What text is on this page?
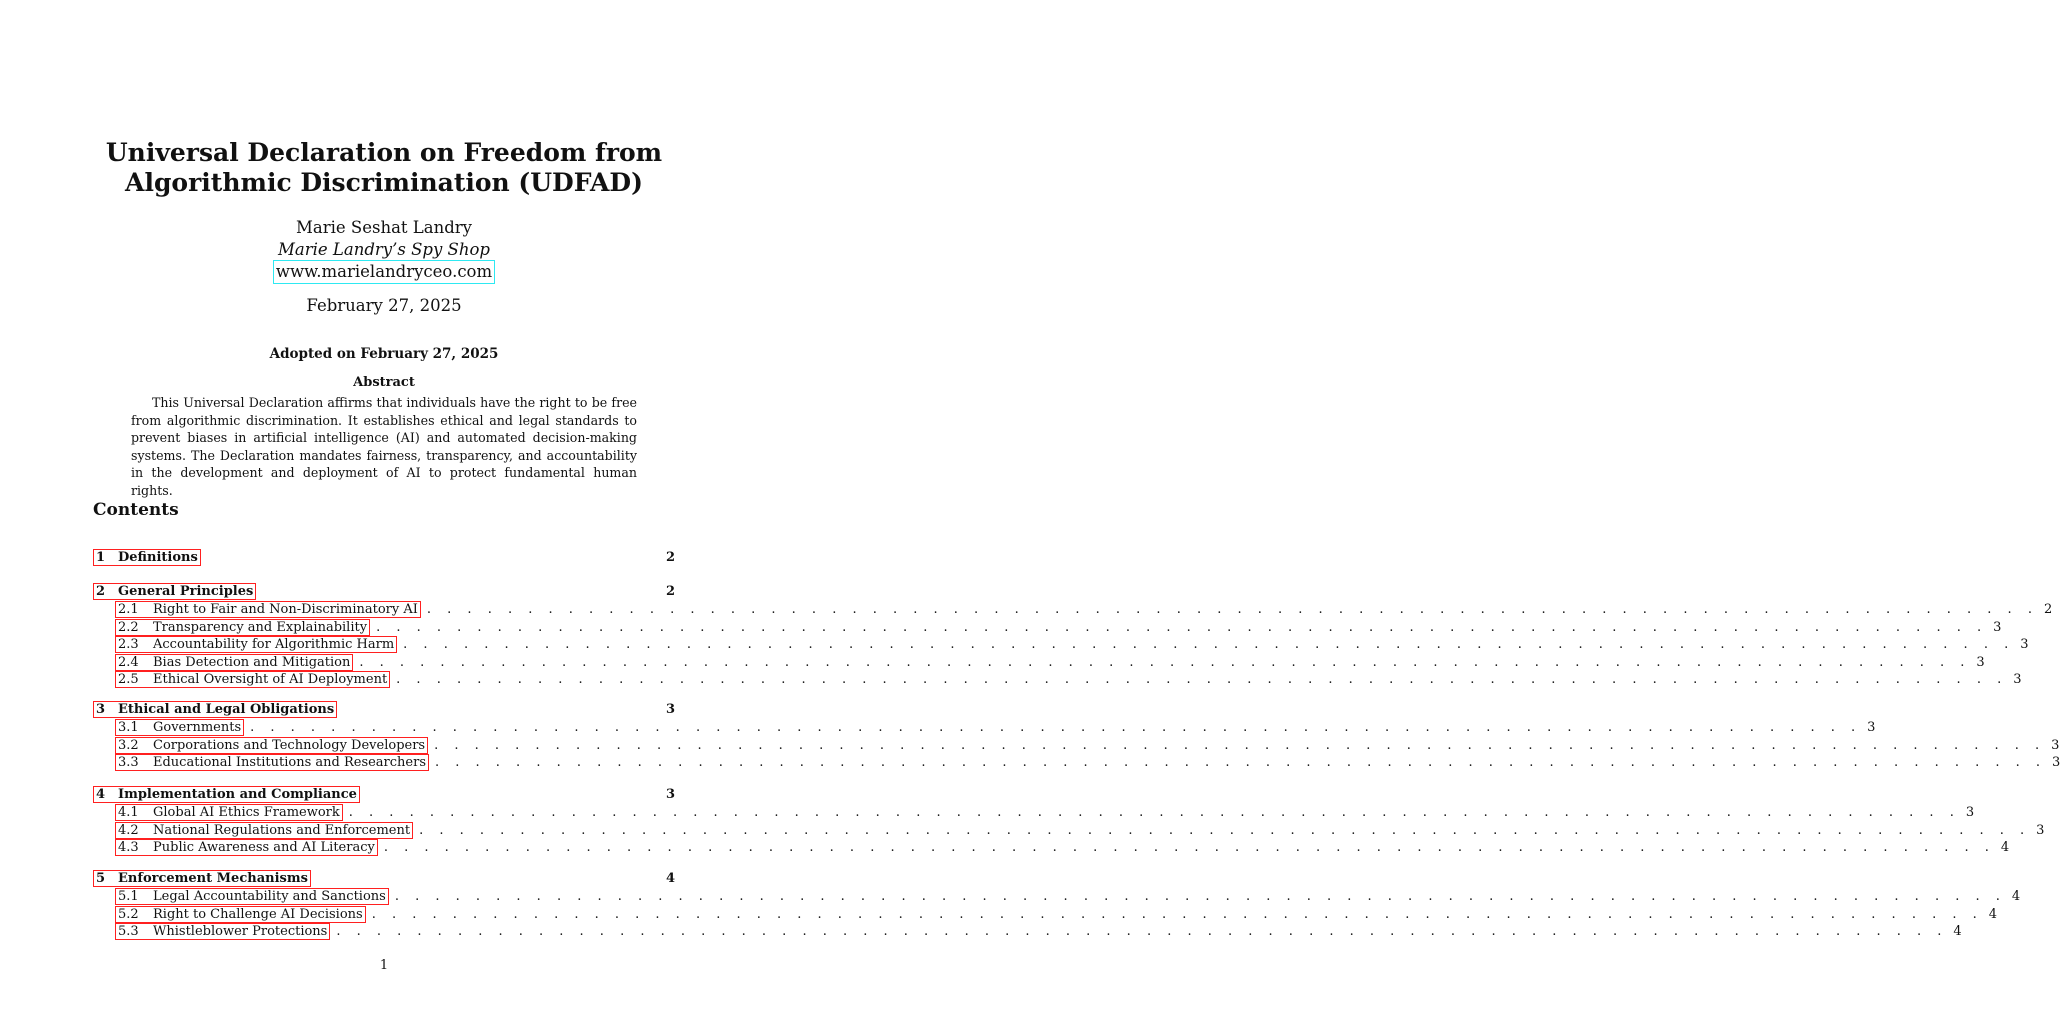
Universal Declaration on Freedom from
Algorithmic Discrimination (UDFAD)
Marie Seshat Landry
Marie Landry’s Spy Shop
www.marielandryceo.com
February 27, 2025
Adopted on February 27, 2025
Abstract
This Universal Declaration affirms that individuals have the right to be free from algorithmic discrimination. It establishes ethical and legal standards to prevent biases in artificial intelligence (AI) and automated decision-making systems. The Declaration mandates fairness, transparency, and accountability in the development and deployment of AI to protect fundamental human rights.
Contents
1 Definitions	2
2 General Principles	2
2.1	Right to Fair and Non-Discriminatory AI . . . . . . . . . . . . . . . . . . . . . . . . . . . . . . . . . . . . . . . . . . . . . . . . . . . . . . . . . . . . . . . . . . . . . . . . . . . . . . . . 2
2.2	Transparency and Explainability . . . . . . . . . . . . . . . . . . . . . . . . . . . . . . . . . . . . . . . . . . . . . . . . . . . . . . . . . . . . . . . . . . . . . . . . . . . . . . . . 3
2.3	Accountability for Algorithmic Harm . . . . . . . . . . . . . . . . . . . . . . . . . . . . . . . . . . . . . . . . . . . . . . . . . . . . . . . . . . . . . . . . . . . . . . . . . . . . . . . . 3
2.4	Bias Detection and Mitigation . . . . . . . . . . . . . . . . . . . . . . . . . . . . . . . . . . . . . . . . . . . . . . . . . . . . . . . . . . . . . . . . . . . . . . . . . . . . . . . . 3
2.5	Ethical Oversight of AI Deployment . . . . . . . . . . . . . . . . . . . . . . . . . . . . . . . . . . . . . . . . . . . . . . . . . . . . . . . . . . . . . . . . . . . . . . . . . . . . . . . . 3
3 Ethical and Legal Obligations	3
3.1	Governments . . . . . . . . . . . . . . . . . . . . . . . . . . . . . . . . . . . . . . . . . . . . . . . . . . . . . . . . . . . . . . . . . . . . . . . . . . . . . . . . 3
3.2	Corporations and Technology Developers . . . . . . . . . . . . . . . . . . . . . . . . . . . . . . . . . . . . . . . . . . . . . . . . . . . . . . . . . . . . . . . . . . . . . . . . . . . . . . . . 3
3.3	Educational Institutions and Researchers . . . . . . . . . . . . . . . . . . . . . . . . . . . . . . . . . . . . . . . . . . . . . . . . . . . . . . . . . . . . . . . . . . . . . . . . . . . . . . . . 3
4 Implementation and Compliance	3
4.1	Global AI Ethics Framework . . . . . . . . . . . . . . . . . . . . . . . . . . . . . . . . . . . . . . . . . . . . . . . . . . . . . . . . . . . . . . . . . . . . . . . . . . . . . . . . 3
4.2	National Regulations and Enforcement . . . . . . . . . . . . . . . . . . . . . . . . . . . . . . . . . . . . . . . . . . . . . . . . . . . . . . . . . . . . . . . . . . . . . . . . . . . . . . . . 3
4.3	Public Awareness and AI Literacy . . . . . . . . . . . . . . . . . . . . . . . . . . . . . . . . . . . . . . . . . . . . . . . . . . . . . . . . . . . . . . . . . . . . . . . . . . . . . . . . 4
5 Enforcement Mechanisms	4
5.1	Legal Accountability and Sanctions . . . . . . . . . . . . . . . . . . . . . . . . . . . . . . . . . . . . . . . . . . . . . . . . . . . . . . . . . . . . . . . . . . . . . . . . . . . . . . . . 4
5.2	Right to Challenge AI Decisions . . . . . . . . . . . . . . . . . . . . . . . . . . . . . . . . . . . . . . . . . . . . . . . . . . . . . . . . . . . . . . . . . . . . . . . . . . . . . . . . 4
5.3	Whistleblower Protections . . . . . . . . . . . . . . . . . . . . . . . . . . . . . . . . . . . . . . . . . . . . . . . . . . . . . . . . . . . . . . . . . . . . . . . . . . . . . . . . 4
1
